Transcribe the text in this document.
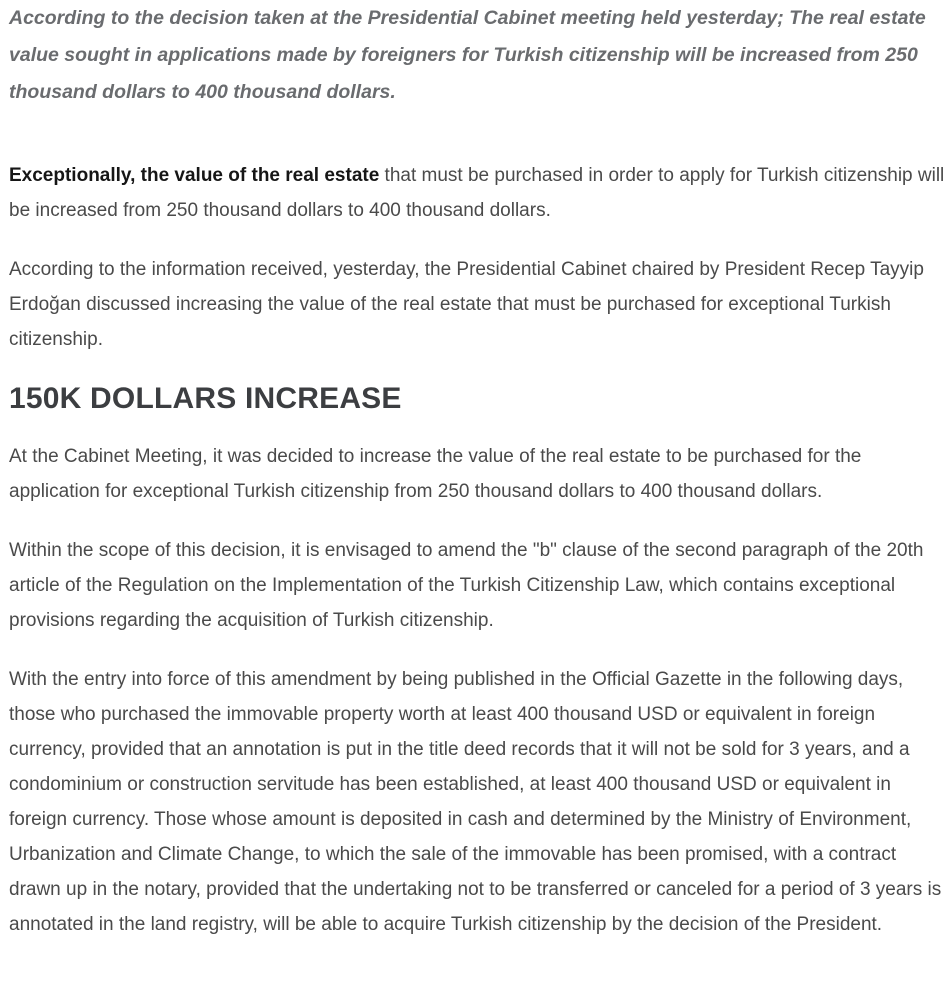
According to the decision taken at the Presidential Cabinet meeting held yesterday; The real estate value sought in applications made by foreigners for Turkish citizenship will be increased from 250 thousand dollars to 400 thousand dollars.

Exceptionally, the value of the real estate that must be purchased in order to apply for Turkish citizenship will be increased from 250 thousand dollars to 400 thousand dollars.

According to the information received, yesterday, the Presidential Cabinet chaired by President Recep Tayyip Erdoğan discussed increasing the value of the real estate that must be purchased for exceptional Turkish citizenship.

150K DOLLARS INCREASE

At the Cabinet Meeting, it was decided to increase the value of the real estate to be purchased for the application for exceptional Turkish citizenship from 250 thousand dollars to 400 thousand dollars.

Within the scope of this decision, it is envisaged to amend the "b" clause of the second paragraph of the 20th article of the Regulation on the Implementation of the Turkish Citizenship Law, which contains exceptional provisions regarding the acquisition of Turkish citizenship.

With the entry into force of this amendment by being published in the Official Gazette in the following days, those who purchased the immovable property worth at least 400 thousand USD or equivalent in foreign currency, provided that an annotation is put in the title deed records that it will not be sold for 3 years, and a condominium or construction servitude has been established, at least 400 thousand USD or equivalent in foreign currency. Those whose amount is deposited in cash and determined by the Ministry of Environment, Urbanization and Climate Change, to which the sale of the immovable has been promised, with a contract drawn up in the notary, provided that the undertaking not to be transferred or canceled for a period of 3 years is annotated in the land registry, will be able to acquire Turkish citizenship by the decision of the President.
